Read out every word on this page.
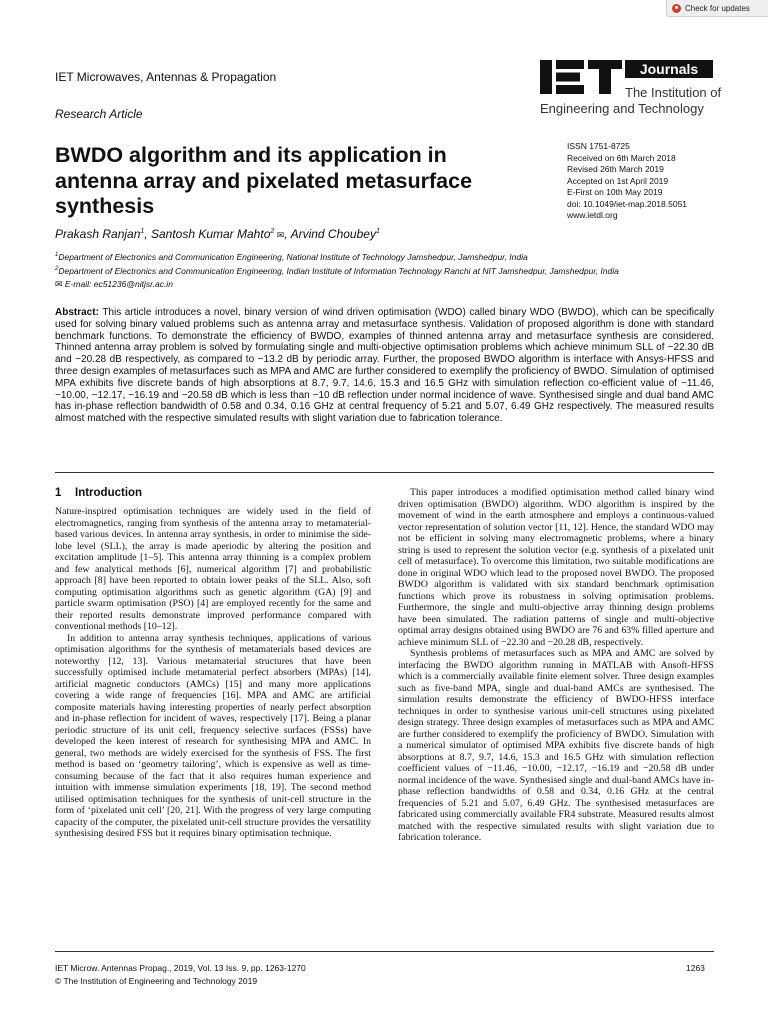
Check for updates
IET Microwaves, Antennas & Propagation
Research Article
BWDO algorithm and its application in antenna array and pixelated metasurface synthesis
Journals
The Institution of
Engineering and Technology
ISSN 1751-8725
Received on 6th March 2018
Revised 26th March 2019
Accepted on 1st April 2019
E-First on 10th May 2019
doi: 10.1049/iet-map.2018.5051
www.ietdl.org
Prakash Ranjan$^1$, Santosh Kumar Mahto$^2$ ✉, Arvind Choubey$^1$
$^1$Department of Electronics and Communication Engineering, National Institute of Technology Jamshedpur, Jamshedpur, India
$^2$Department of Electronics and Communication Engineering, Indian Institute of Information Technology Ranchi at NIT Jamshedpur, Jamshedpur, India
✉ E-mail: ec51236@nitjsr.ac.in
Abstract: This article introduces a novel, binary version of wind driven optimisation (WDO) called binary WDO (BWDO), which can be specifically used for solving binary valued problems such as antenna array and metasurface synthesis. Validation of proposed algorithm is done with standard benchmark functions. To demonstrate the efficiency of BWDO, examples of thinned antenna array and metasurface synthesis are considered. Thinned antenna array problem is solved by formulating single and multi-objective optimisation problems which achieve minimum SLL of −22.30 dB and −20.28 dB respectively, as compared to −13.2 dB by periodic array. Further, the proposed BWDO algorithm is interface with Ansys-HFSS and three design examples of metasurfaces such as MPA and AMC are further considered to exemplify the proficiency of BWDO. Simulation of optimised MPA exhibits five discrete bands of high absorptions at 8.7, 9.7, 14.6, 15.3 and 16.5 GHz with simulation reflection co-efficient value of −11.46, −10.00, −12.17, −16.19 and −20.58 dB which is less than −10 dB reflection under normal incidence of wave. Synthesised single and dual band AMC has in-phase reflection bandwidth of 0.58 and 0.34, 0.16 GHz at central frequency of 5.21 and 5.07, 6.49 GHz respectively. The measured results almost matched with the respective simulated results with slight variation due to fabrication tolerance.
1 Introduction

Nature-inspired optimisation techniques are widely used in the field of electromagnetics, ranging from synthesis of the antenna array to metamaterial-based various devices. In antenna array synthesis, in order to minimise the side-lobe level (SLL), the array is made aperiodic by altering the position and excitation amplitude [1–5]. This antenna array thinning is a complex problem and few analytical methods [6], numerical algorithm [7] and probabilistic approach [8] have been reported to obtain lower peaks of the SLL. Also, soft computing optimisation algorithms such as genetic algorithm (GA) [9] and particle swarm optimisation (PSO) [4] are employed recently for the same and their reported results demonstrate improved performance compared with conventional methods [10–12].

In addition to antenna array synthesis techniques, applications of various optimisation algorithms for the synthesis of metamaterials based devices are noteworthy [12, 13]. Various metamaterial structures that have been successfully optimised include metamaterial perfect absorbers (MPAs) [14], artificial magnetic conductors (AMCs) [15] and many more applications covering a wide range of frequencies [16]. MPA and AMC are artificial composite materials having interesting properties of nearly perfect absorption and in-phase reflection for incident of waves, respectively [17]. Being a planar periodic structure of its unit cell, frequency selective surfaces (FSSs) have developed the keen interest of research for synthesising MPA and AMC. In general, two methods are widely exercised for the synthesis of FSS. The first method is based on ‘geometry tailoring’, which is expensive as well as time-consuming because of the fact that it also requires human experience and intuition with immense simulation experiments [18, 19]. The second method utilised optimisation techniques for the synthesis of unit-cell structure in the form of ‘pixelated unit cell’ [20, 21]. With the progress of very large computing capacity of the computer, the pixelated unit-cell structure provides the versatility synthesising desired FSS but it requires binary optimisation technique.

This paper introduces a modified optimisation method called binary wind driven optimisation (BWDO) algorithm. WDO algorithm is inspired by the movement of wind in the earth atmosphere and employs a continuous-valued vector representation of solution vector [11, 12]. Hence, the standard WDO may not be efficient in solving many electromagnetic problems, where a binary string is used to represent the solution vector (e.g. synthesis of a pixelated unit cell of metasurface). To overcome this limitation, two suitable modifications are done in original WDO which lead to the proposed novel BWDO. The proposed BWDO algorithm is validated with six standard benchmark optimisation functions which prove its robustness in solving optimisation problems. Furthermore, the single and multi-objective array thinning design problems have been simulated. The radiation patterns of single and multi-objective optimal array designs obtained using BWDO are 76 and 63% filled aperture and achieve minimum SLL of −22.30 and −20.28 dB, respectively.

Synthesis problems of metasurfaces such as MPA and AMC are solved by interfacing the BWDO algorithm running in MATLAB with Ansoft-HFSS which is a commercially available finite element solver. Three design examples such as five-band MPA, single and dual-band AMCs are synthesised. The simulation results demonstrate the efficiency of BWDO-HFSS interface techniques in order to synthesise various unit-cell structures using pixelated design strategy. Three design examples of metasurfaces such as MPA and AMC are further considered to exemplify the proficiency of BWDO. Simulation with a numerical simulator of optimised MPA exhibits five discrete bands of high absorptions at 8.7, 9.7, 14.6, 15.3 and 16.5 GHz with simulation reflection coefficient values of −11.46, −10.00, −12.17, −16.19 and −20.58 dB under normal incidence of the wave. Synthesised single and dual-band AMCs have in-phase reflection bandwidths of 0.58 and 0.34, 0.16 GHz at the central frequencies of 5.21 and 5.07, 6.49 GHz. The synthesised metasurfaces are fabricated using commercially available FR4 substrate. Measured results almost matched with the respective simulated results with slight variation due to fabrication tolerance.

IET Microw. Antennas Propag., 2019, Vol. 13 Iss. 9, pp. 1263-1270
© The Institution of Engineering and Technology 2019
1263
